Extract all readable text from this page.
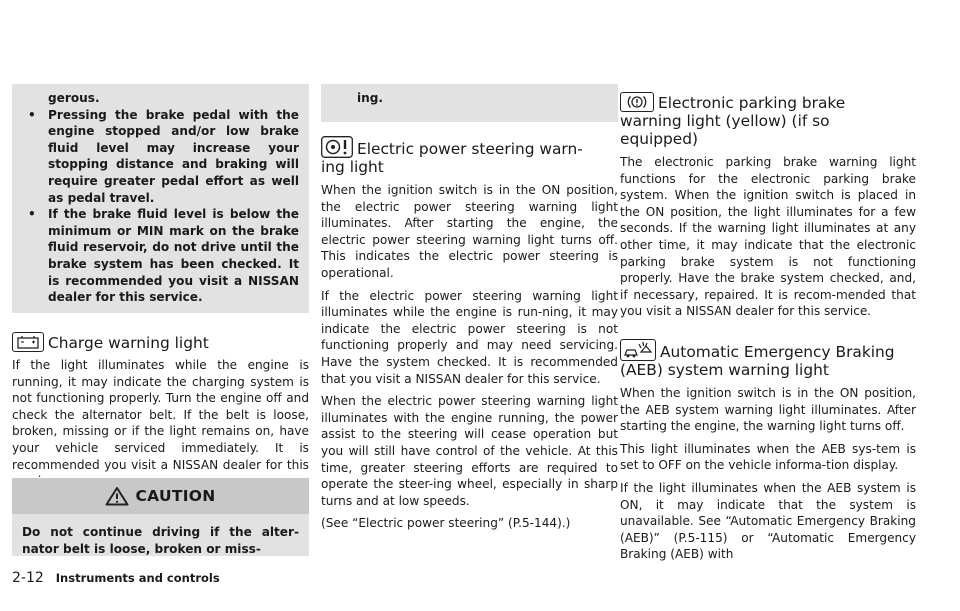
gerous.
• Pressing the brake pedal with the engine stopped and/or low brake fluid level may increase your stopping distance and braking will require greater pedal effort as well as pedal travel.
• If the brake fluid level is below the minimum or MIN mark on the brake fluid reservoir, do not drive until the brake system has been checked. It is recommended you visit a NISSAN dealer for this service.
Charge warning light

If the light illuminates while the engine is running, it may indicate the charging system is not functioning properly. Turn the engine off and check the alternator belt. If the belt is loose, broken, missing or if the light remains on, have your vehicle serviced immediately. It is recommended you visit a NISSAN dealer for this

CAUTION

Do not continue driving if the alter-nator belt is loose, broken or miss-

ing.

Electric power steering warn-
ing light

When the ignition switch is in the ON position, the electric power steering warning light illuminates. After starting the engine, the electric power steering warning light turns off. This indicates the electric power steering is operational.

If the electric power steering warning light illuminates while the engine is run-ning, it may indicate the electric power steering is not functioning properly and may need servicing. Have the system checked. It is recommended that you visit a NISSAN dealer for this service.

When the electric power steering warning light illuminates with the engine running, the power assist to the steering will cease operation but you will still have control of the vehicle. At this time, greater steering efforts are required to operate the steer-ing wheel, especially in sharp turns and at low speeds.

(See “Electric power steering” (P.5-144).)

Electronic parking brake
warning light (yellow) (if so
equipped)

The electronic parking brake warning light functions for the electronic parking brake system. When the ignition switch is placed in the ON position, the light illuminates for a few seconds. If the warning light illuminates at any other time, it may indicate that the electronic parking brake system is not functioning properly. Have the brake system checked, and, if necessary, repaired. It is recom-mended that you visit a NISSAN dealer for this service.

Automatic Emergency Braking
(AEB) system warning light

When the ignition switch is in the ON position, the AEB system warning light illuminates. After starting the engine, the warning light turns off.

This light illuminates when the AEB sys-tem is set to OFF on the vehicle informa-tion display.

If the light illuminates when the AEB system is ON, it may indicate that the system is unavailable. See “Automatic Emergency Braking (AEB)” (P.5-115) or “Automatic Emergency Braking (AEB) with

2-12 Instruments and controls
